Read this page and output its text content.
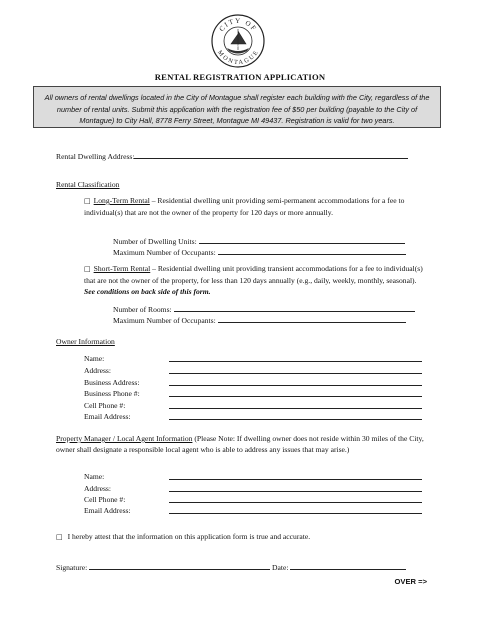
CITY OF
MONTAGUE
1867
RENTAL REGISTRATION APPLICATION
All owners of rental dwellings located in the City of Montague shall register each building with the City, regardless of the number of rental units. Submit this application with the registration fee of $50 per building (payable to the City of Montague) to City Hall, 8778 Ferry Street, Montague MI 49437. Registration is valid for two years.
Rental Dwelling Address:
Rental Classification
□ Long-Term Rental – Residential dwelling unit providing semi-permanent accommodations for a fee to individual(s) that are not the owner of the property for 120 days or more annually.
Number of Dwelling Units:
Maximum Number of Occupants:
□ Short-Term Rental – Residential dwelling unit providing transient accommodations for a fee to individual(s) that are not the owner of the property, for less than 120 days annually (e.g., daily, weekly, monthly, seasonal). See conditions on back side of this form.
Number of Rooms:
Maximum Number of Occupants:
Owner Information
Name:
Address:
Business Address:
Business Phone #:
Cell Phone #:
Email Address:
Property Manager / Local Agent Information (Please Note: If dwelling owner does not reside within 30 miles of the City, owner shall designate a responsible local agent who is able to address any issues that may arise.)
Name:
Address:
Cell Phone #:
Email Address:
□ I hereby attest that the information on this application form is true and accurate.
Signature:	Date:
OVER =>
